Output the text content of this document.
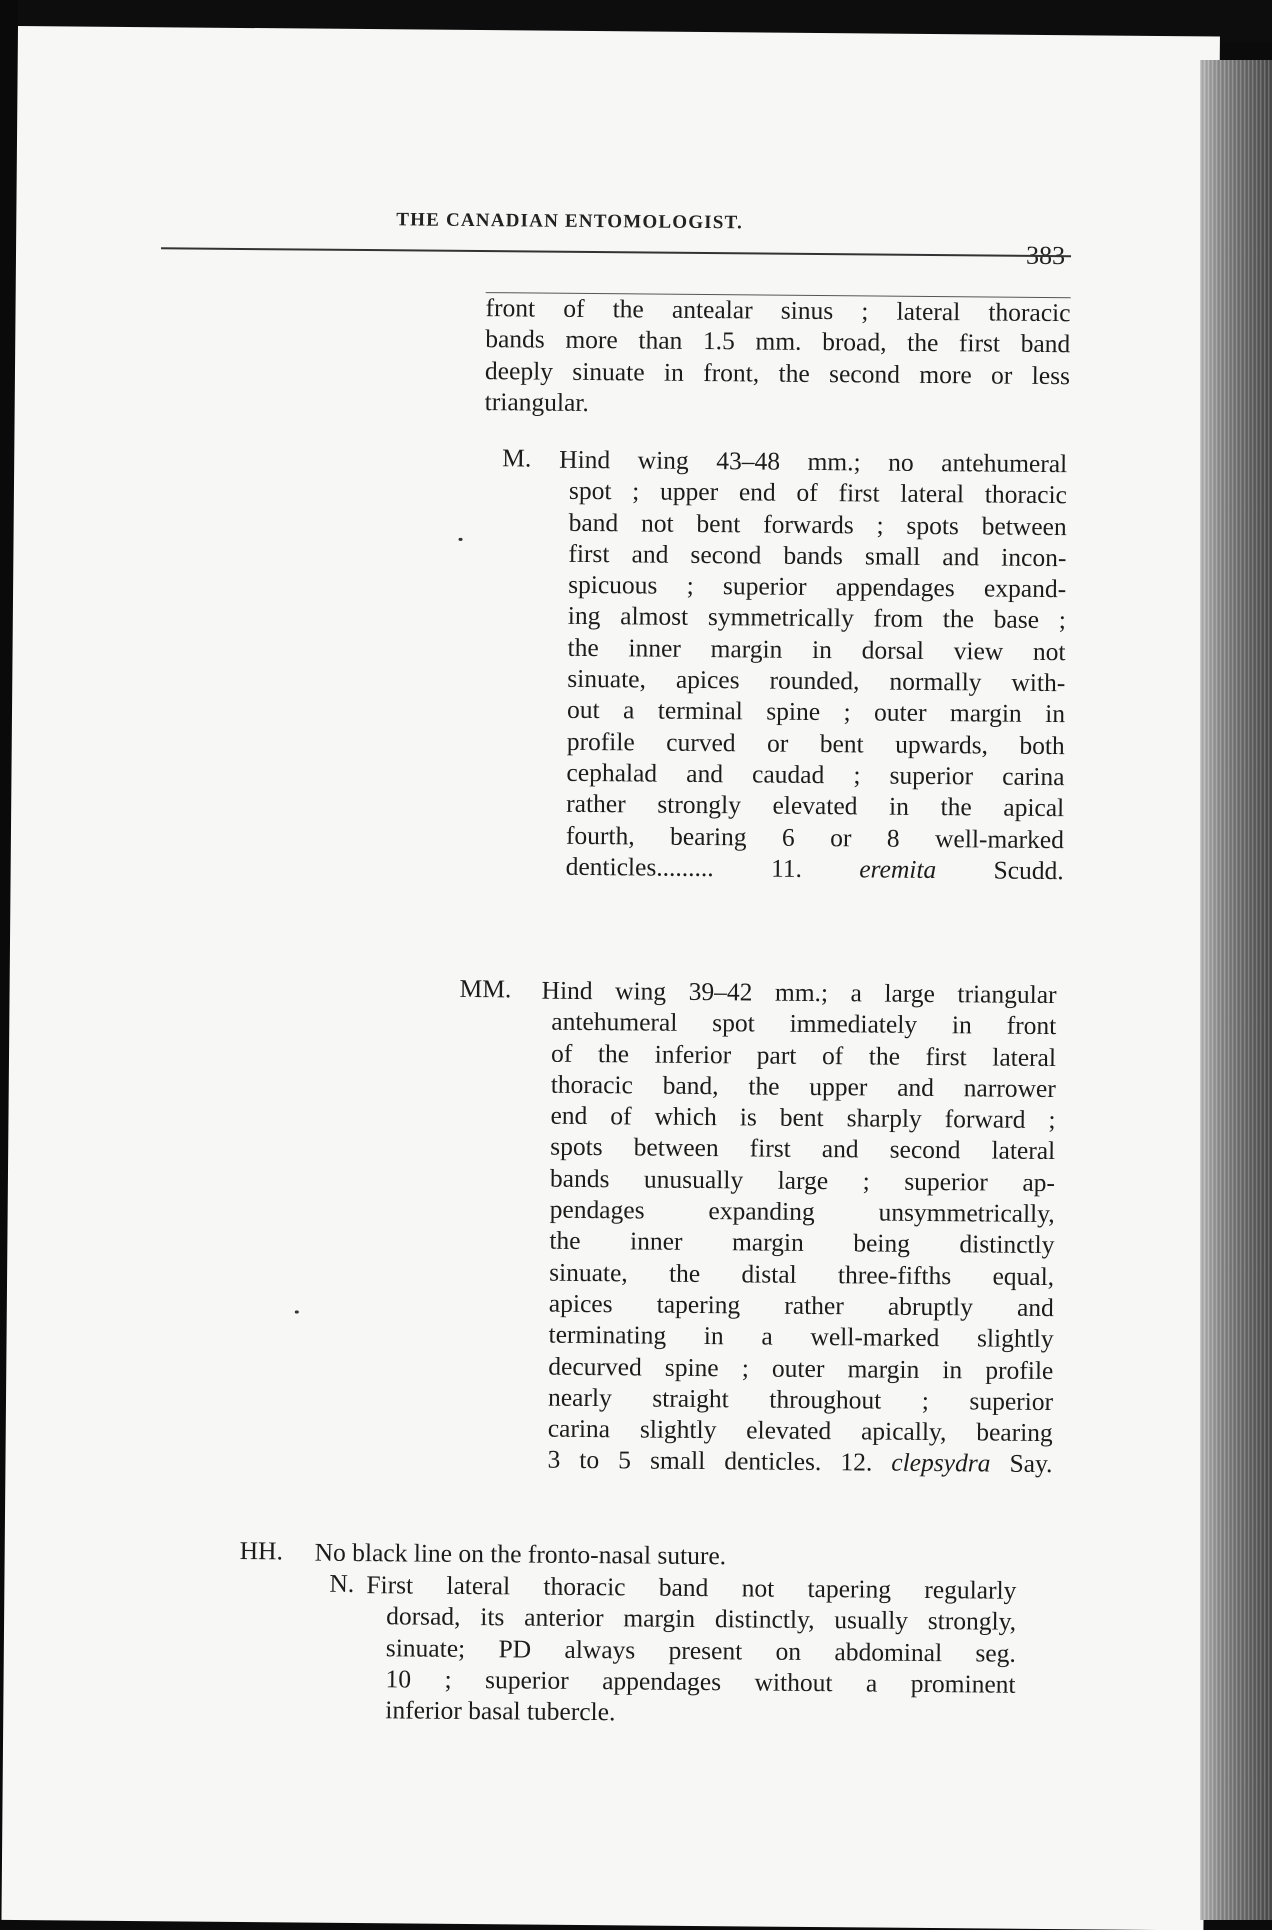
THE CANADIAN ENTOMOLOGIST.
383
front of the antealar sinus ; lateral thoracic
bands more than 1.5 mm. broad, the first band
deeply sinuate in front, the second more or less
triangular.
M. Hind wing 43–48 mm.; no antehumeral
spot ; upper end of first lateral thoracic
band not bent forwards ; spots between
first and second bands small and incon-
spicuous ; superior appendages expand-
ing almost symmetrically from the base ;
the inner margin in dorsal view not
sinuate, apices rounded, normally with-
out a terminal spine ; outer margin in
profile curved or bent upwards, both
cephalad and caudad ; superior carina
rather strongly elevated in the apical
fourth, bearing 6 or 8 well-marked
denticles......... 11. eremita Scudd.
MM. Hind wing 39–42 mm.; a large triangular
antehumeral spot immediately in front
of the inferior part of the first lateral
thoracic band, the upper and narrower
end of which is bent sharply forward ;
spots between first and second lateral
bands unusually large ; superior ap-
pendages expanding unsymmetrically,
the inner margin being distinctly
sinuate, the distal three-fifths equal,
apices tapering rather abruptly and
terminating in a well-marked slightly
decurved spine ; outer margin in profile
nearly straight throughout ; superior
carina slightly elevated apically, bearing
3 to 5 small denticles. 12. clepsydra Say.
HH. No black line on the fronto-nasal suture.
N. First lateral thoracic band not tapering regularly
dorsad, its anterior margin distinctly, usually strongly,
sinuate; PD always present on abdominal seg.
10 ; superior appendages without a prominent
inferior basal tubercle.
